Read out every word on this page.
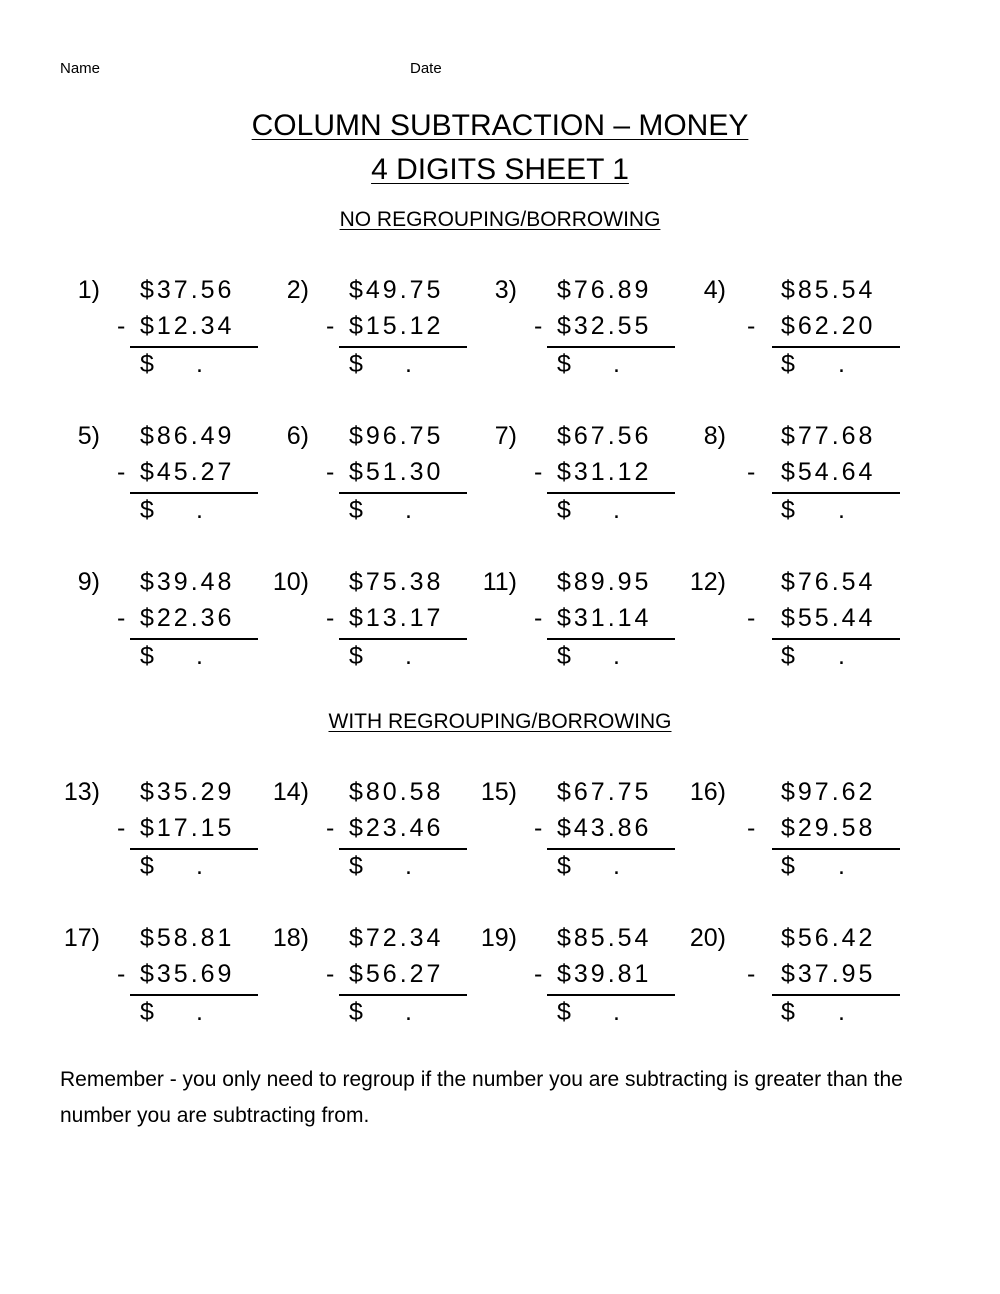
Name	Date
COLUMN SUBTRACTION – MONEY
4 DIGITS SHEET 1
NO REGROUPING/BORROWING
WITH REGROUPING/BORROWING
1) $37.56
- $12.34
$ .
2) $49.75
- $15.12
$ .
3) $76.89
- $32.55
$ .
4) $85.54
- $62.20
$ .
5) $86.49
- $45.27
$ .
6) $96.75
- $51.30
$ .
7) $67.56
- $31.12
$ .
8) $77.68
- $54.64
$ .
9) $39.48
- $22.36
$ .
10) $75.38
- $13.17
$ .
11) $89.95
- $31.14
$ .
12) $76.54
- $55.44
$ .
13) $35.29
- $17.15
$ .
14) $80.58
- $23.46
$ .
15) $67.75
- $43.86
$ .
16) $97.62
- $29.58
$ .
17) $58.81
- $35.69
$ .
18) $72.34
- $56.27
$ .
19) $85.54
- $39.81
$ .
20) $56.42
- $37.95
$ .
Remember - you only need to regroup if the number you are subtracting is greater than the number you are subtracting from.
